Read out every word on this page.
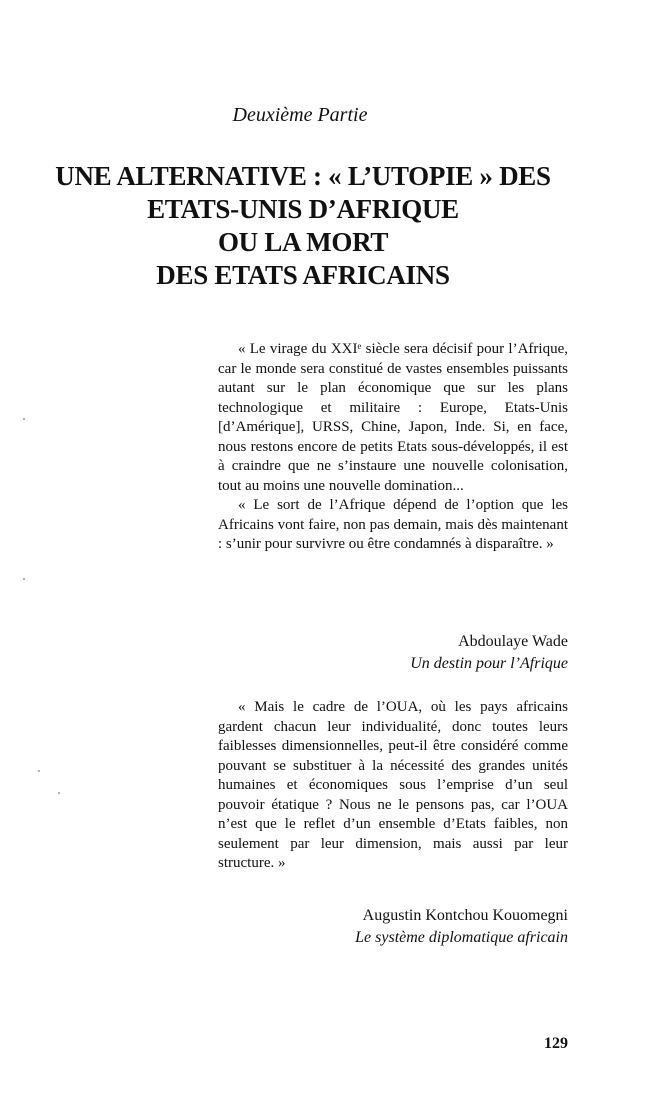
Deuxième Partie
UNE ALTERNATIVE : « L’UTOPIE » DES
ETATS-UNIS D’AFRIQUE
OU LA MORT
DES ETATS AFRICAINS

« Le virage du XXIᵉ siècle sera décisif pour l’Afrique, car le monde sera constitué de vastes ensembles puissants autant sur le plan économique que sur les plans technologique et militaire : Europe, Etats-Unis [d’Amérique], URSS, Chine, Japon, Inde. Si, en face, nous restons encore de petits Etats sous-développés, il est à craindre que ne s’instaure une nouvelle colonisation, tout au moins une nouvelle domination...

« Le sort de l’Afrique dépend de l’option que les Africains vont faire, non pas demain, mais dès maintenant : s’unir pour survivre ou être condamnés à disparaître. »

Abdoulaye Wade
Un destin pour l’Afrique

« Mais le cadre de l’OUA, où les pays africains gardent chacun leur individualité, donc toutes leurs faiblesses dimensionnelles, peut-il être considéré comme pouvant se substituer à la nécessité des grandes unités humaines et économiques sous l’emprise d’un seul pouvoir étatique ? Nous ne le pensons pas, car l’OUA n’est que le reflet d’un ensemble d’Etats faibles, non seulement par leur dimension, mais aussi par leur structure. »

Augustin Kontchou Kouomegni
Le système diplomatique africain
129
